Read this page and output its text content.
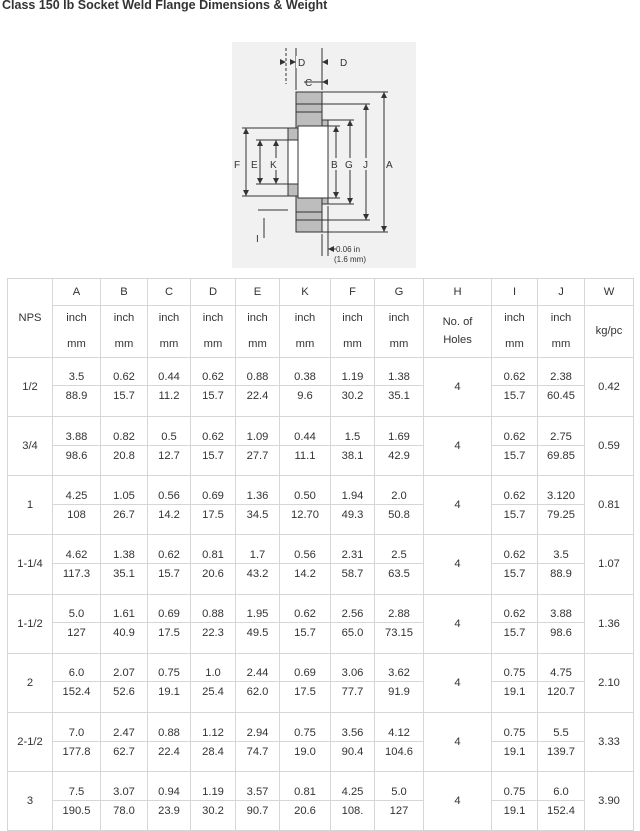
Class 150 lb Socket Weld Flange Dimensions & Weight
D	D
C
F E K	B G J A
I
0.06 in
(1.6 mm)
NPS	A	B	C	D	E	K	F	G	H	I	J	W
	inch	inch	inch	inch	inch	inch	inch	inch	No. of Holes	inch	inch	kg/pc
	mm	mm	mm	mm	mm	mm	mm	mm		mm	mm	
1/2	3.5	0.62	0.44	0.62	0.88	0.38	1.19	1.38	4	0.62	2.38	0.42
	88.9	15.7	11.2	15.7	22.4	9.6	30.2	35.1		15.7	60.45	
3/4	3.88	0.82	0.5	0.62	1.09	0.44	1.5	1.69	4	0.62	2.75	0.59
	98.6	20.8	12.7	15.7	27.7	11.1	38.1	42.9		15.7	69.85	
1	4.25	1.05	0.56	0.69	1.36	0.50	1.94	2.0	4	0.62	3.120	0.81
	108	26.7	14.2	17.5	34.5	12.70	49.3	50.8		15.7	79.25	
1-1/4	4.62	1.38	0.62	0.81	1.7	0.56	2.31	2.5	4	0.62	3.5	1.07
	117.3	35.1	15.7	20.6	43.2	14.2	58.7	63.5		15.7	88.9	
1-1/2	5.0	1.61	0.69	0.88	1.95	0.62	2.56	2.88	4	0.62	3.88	1.36
	127	40.9	17.5	22.3	49.5	15.7	65.0	73.15		15.7	98.6	
2	6.0	2.07	0.75	1.0	2.44	0.69	3.06	3.62	4	0.75	4.75	2.10
	152.4	52.6	19.1	25.4	62.0	17.5	77.7	91.9		19.1	120.7	
2-1/2	7.0	2.47	0.88	1.12	2.94	0.75	3.56	4.12	4	0.75	5.5	3.33
	177.8	62.7	22.4	28.4	74.7	19.0	90.4	104.6		19.1	139.7	
3	7.5	3.07	0.94	1.19	3.57	0.81	4.25	5.0	4	0.75	6.0	3.90
	190.5	78.0	23.9	30.2	90.7	20.6	108.	127		19.1	152.4	
